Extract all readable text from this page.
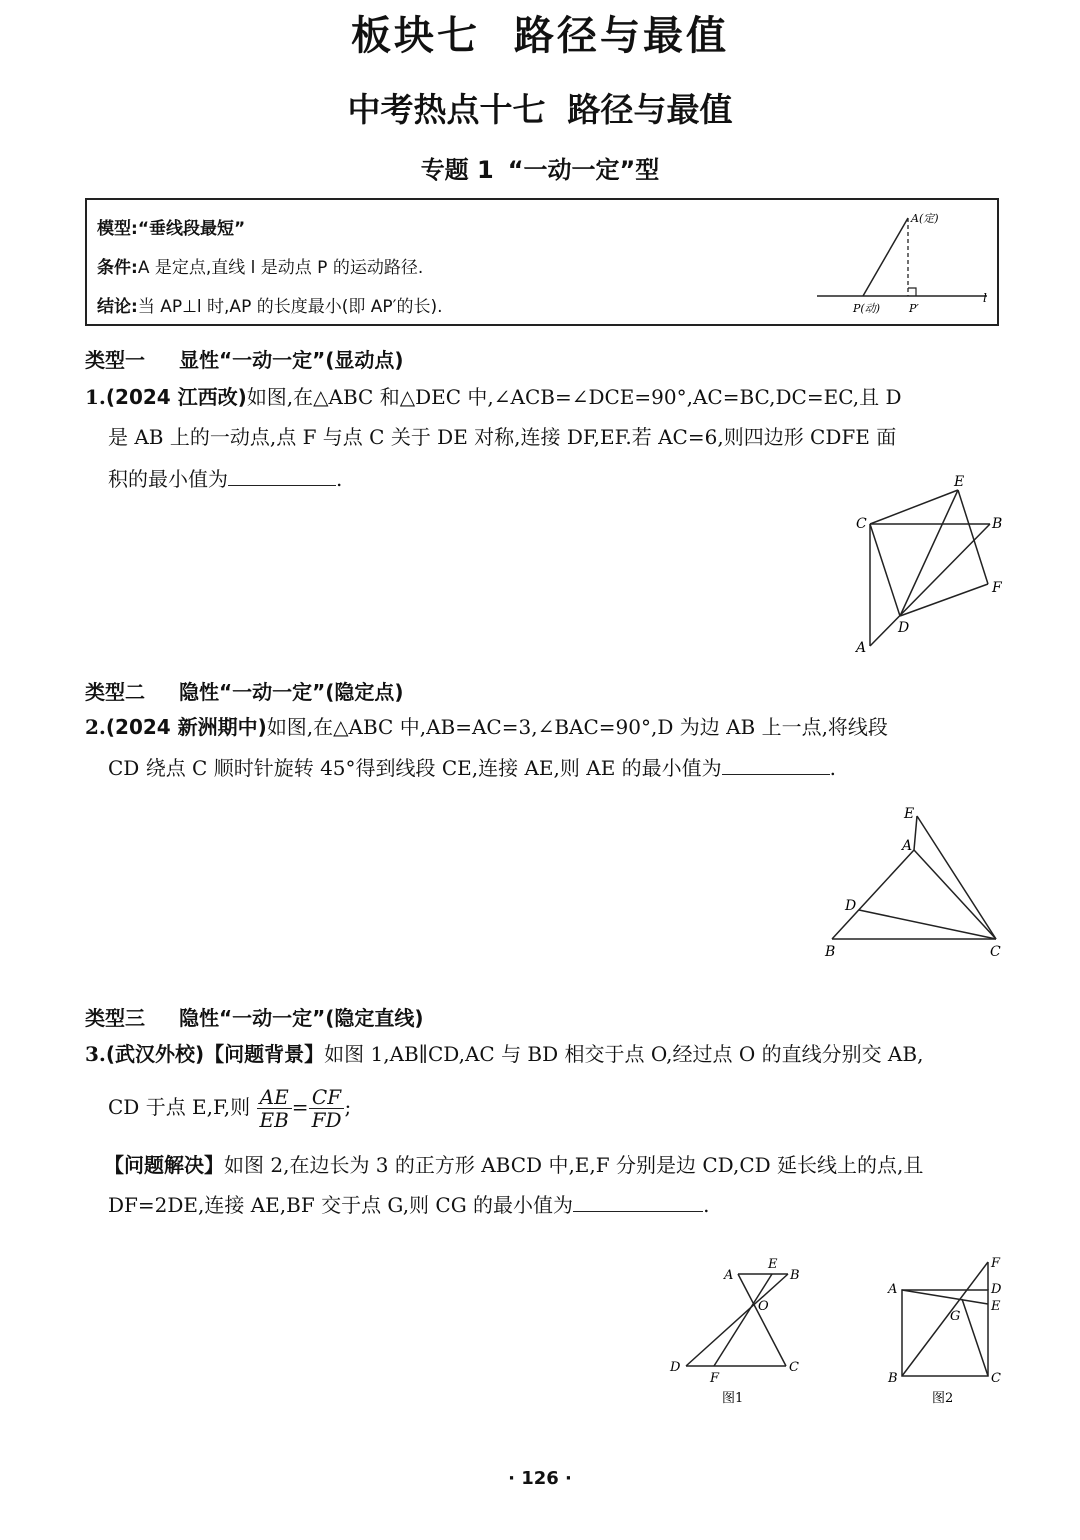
板块七 路径与最值
中考热点十七 路径与最值
专题 1 “一动一定”型
模型:“垂线段最短”
条件:A 是定点,直线 l 是动点 P 的运动路径.
结论:当 AP⊥l 时,AP 的长度最小(即 AP′的长).
A(定)
P(动)	P′
l
类型一 显性“一动一定”(显动点)
1.(2024 江西改)如图,在△ABC 和△DEC 中,∠ACB=∠DCE=90°,AC=BC,DC=EC,且 D
是 AB 上的一动点,点 F 与点 C 关于 DE 对称,连接 DF,EF.若 AC=6,则四边形 CDFE 面
积的最小值为	.
C
E
B
F
D
A
类型二 隐性“一动一定”(隐定点)
2.(2024 新洲期中)如图,在△ABC 中,AB=AC=3,∠BAC=90°,D 为边 AB 上一点,将线段
CD 绕点 C 顺时针旋转 45°得到线段 CE,连接 AE,则 AE 的最小值为	.
E
A
D
B	C
类型三 隐性“一动一定”(隐定直线)
3.(武汉外校)【问题背景】如图 1,AB∥CD,AC 与 BD 相交于点 O,经过点 O 的直线分别交 AB,
CD 于点 E,F,则 $\frac{AE}{EB} = \frac{CF}{FD}$ ;
【问题解决】如图 2,在边长为 3 的正方形 ABCD 中,E,F 分别是边 CD,CD 延长线上的点,且
DF=2DE,连接 AE,BF 交于点 G,则 CG 的最小值为	.
A
E
B
O
D
F
C
图1
A
F
D
E
G
B	C
图2
· 126 ·
